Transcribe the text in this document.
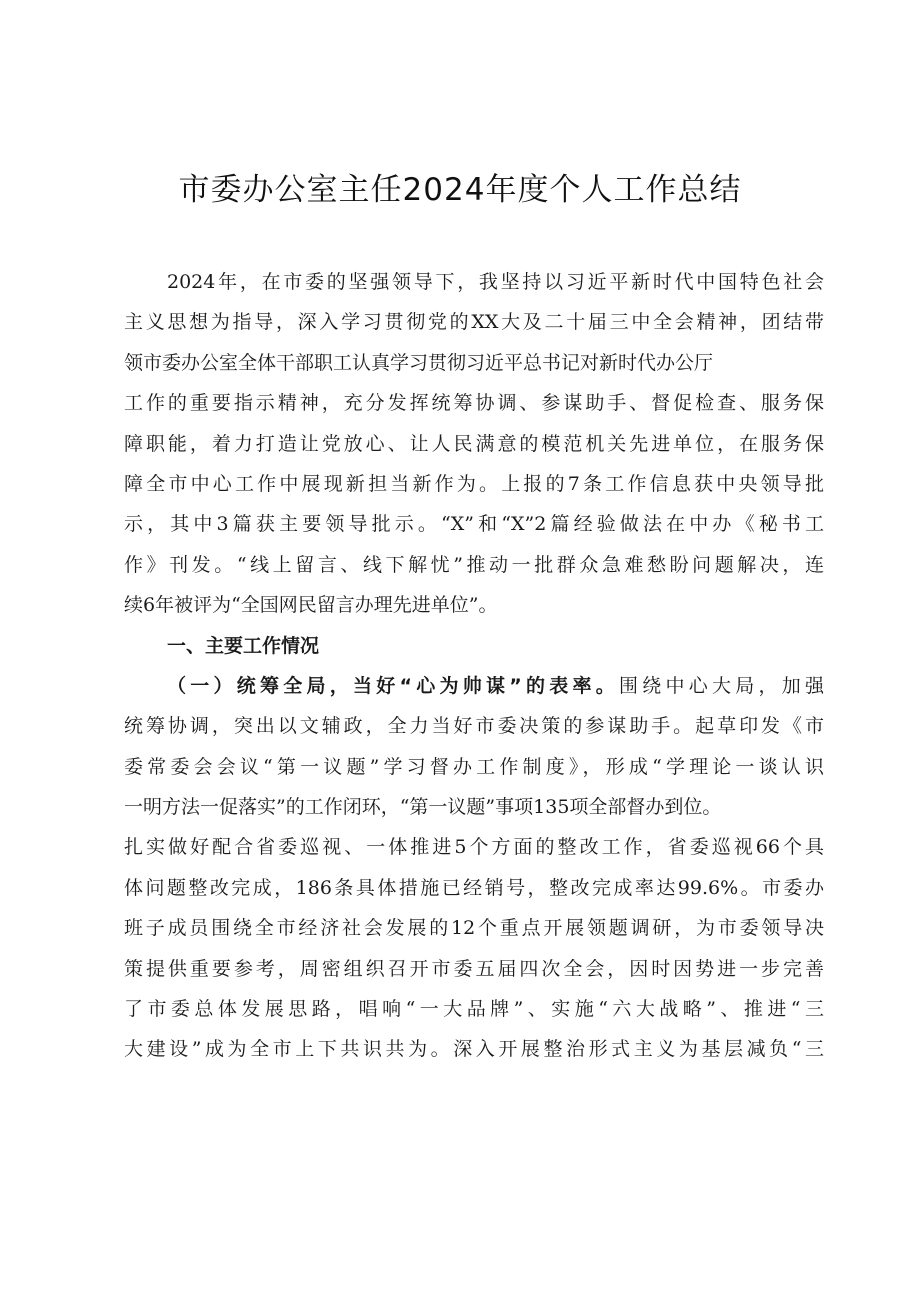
市委办公室主任2024年度个人工作总结
2024年，在市委的坚强领导下，我坚持以习近平新时代中国特色社会
主义思想为指导，深入学习贯彻党的XX大及二十届三中全会精神，团结带
领市委办公室全体干部职工认真学习贯彻习近平总书记对新时代办公厅
工作的重要指示精神，充分发挥统筹协调、参谋助手、督促检查、服务保
障职能，着力打造让党放心、让人民满意的模范机关先进单位，在服务保
障全市中心工作中展现新担当新作为。上报的7条工作信息获中央领导批
示，其中3篇获主要领导批示。“X”和“X”2篇经验做法在中办《秘书工
作》刊发。“线上留言、线下解忧”推动一批群众急难愁盼问题解决，连
续6年被评为“全国网民留言办理先进单位”。
一、主要工作情况
（一）统筹全局，当好“心为帅谋”的表率。围绕中心大局，加强
统筹协调，突出以文辅政，全力当好市委决策的参谋助手。起草印发《市
委常委会会议“第一议题”学习督办工作制度》，形成“学理论一谈认识
一明方法一促落实”的工作闭环，“第一议题”事项135项全部督办到位。
扎实做好配合省委巡视、一体推进5个方面的整改工作，省委巡视66个具
体问题整改完成，186条具体措施已经销号，整改完成率达99.6%。市委办
班子成员围绕全市经济社会发展的12个重点开展领题调研，为市委领导决
策提供重要参考，周密组织召开市委五届四次全会，因时因势进一步完善
了市委总体发展思路，唱响“一大品牌”、实施“六大战略”、推进“三
大建设”成为全市上下共识共为。深入开展整治形式主义为基层减负“三
